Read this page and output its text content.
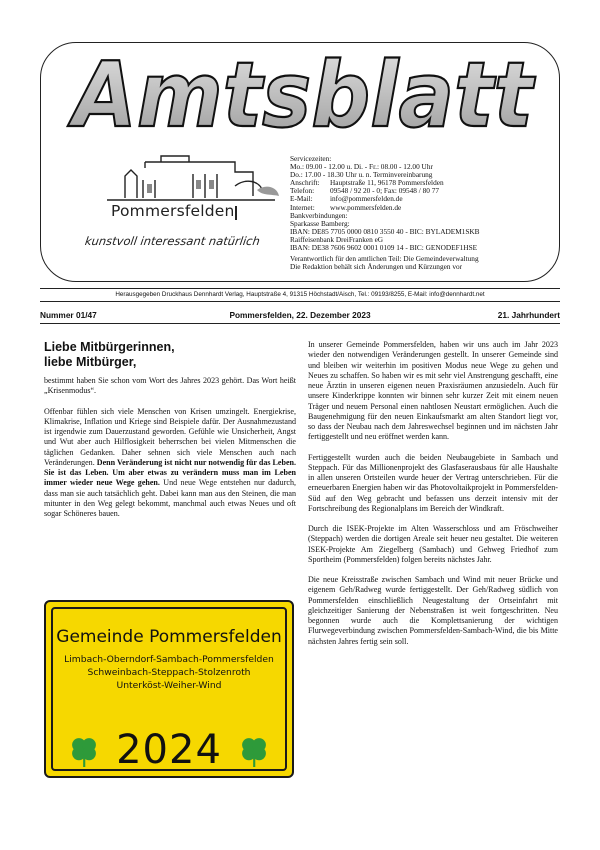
Amtsblatt
Pommersfelden
kunstvoll interessant natürlich
Servicezeiten:
Mo.: 09.00 - 12.00 u. Di. - Fr.: 08.00 - 12.00 Uhr
Do.: 17.00 - 18.30 Uhr u. n. Terminvereinbarung
Anschrift: Hauptstraße 11, 96178 Pommersfelden
Telefon: 09548 / 92 20 - 0; Fax: 09548 / 80 77
E-Mail: info@pommersfelden.de
Internet: www.pommersfelden.de
Bankverbindungen:
Sparkasse Bamberg:
IBAN: DE85 7705 0000 0810 3550 40 - BIC: BYLADEM1SKB
Raiffeisenbank DreiFranken eG
IBAN: DE38 7606 9602 0001 0109 14 - BIC: GENODEF1HSE
Verantwortlich für den amtlichen Teil: Die Gemeindeverwaltung
Die Redaktion behält sich Änderungen und Kürzungen vor
Herausgegeben Druckhaus Dennhardt Verlag, Hauptstraße 4, 91315 Höchstadt/Aisch, Tel.: 09193/8255, E-Mail: info@dennhardt.net
Nummer 01/47	Pommersfelden, 22. Dezember 2023	21. Jahrhundert
Liebe Mitbürgerinnen,
liebe Mitbürger,

bestimmt haben Sie schon vom Wort des Jahres 2023 gehört. Das Wort heißt „Krisenmodus“.

Offenbar fühlen sich viele Menschen von Krisen umzingelt. Energiekrise, Klimakrise, Inflation und Kriege sind Beispiele dafür. Der Ausnahmezustand ist irgendwie zum Dauerzustand geworden. Gefühle wie Unsicherheit, Angst und Wut aber auch Hilflosigkeit beherrschen bei vielen Mitmenschen die täglichen Gedanken. Daher sehnen sich viele Menschen auch nach Veränderungen. Denn Veränderung ist nicht nur notwendig für das Leben. Sie ist das Leben. Um aber etwas zu verändern muss man im Leben immer wieder neue Wege gehen. Und neue Wege entstehen nur dadurch, dass man sie auch tatsächlich geht. Dabei kann man aus den Steinen, die man mitunter in den Weg gelegt bekommt, manchmal auch etwas Neues und oft sogar Schöneres bauen.

Gemeinde Pommersfelden
Limbach-Oberndorf-Sambach-Pommersfelden
Schweinbach-Steppach-Stolzenroth
Unterköst-Weiher-Wind
2024

In unserer Gemeinde Pommersfelden, haben wir uns auch im Jahr 2023 wieder den notwendigen Veränderungen gestellt. In unserer Gemeinde sind und bleiben wir weiterhin im positiven Modus neue Wege zu gehen und Neues zu schaffen. So haben wir es mit sehr viel Anstrengung geschafft, eine neue Ärztin in unseren eigenen neuen Praxisräumen anzusiedeln. Auch für unsere Kinderkrippe konnten wir binnen sehr kurzer Zeit mit einem neuen Träger und neuem Personal einen nahtlosen Neustart ermöglichen. Auch die Baugenehmigung für den neuen Einkaufsmarkt am alten Standort liegt vor, so dass der Neubau nach dem Jahreswechsel beginnen und im nächsten Jahr fertiggestellt und neu eröffnet werden kann.

Fertiggestellt wurden auch die beiden Neubaugebiete in Sambach und Steppach. Für das Millionenprojekt des Glasfaserausbaus für alle Haushalte in allen unseren Ortsteilen wurde heuer der Vertrag unterschrieben. Für die erneuerbaren Energien haben wir das Photovoltaikprojekt in Pommersfelden-Süd auf den Weg gebracht und befassen uns derzeit intensiv mit der Fortschreibung des Regionalplans im Bereich der Windkraft.

Durch die ISEK-Projekte im Alten Wasserschloss und am Fröschweiher (Steppach) werden die dortigen Areale seit heuer neu gestaltet. Die weiteren ISEK-Projekte Am Ziegelberg (Sambach) und Gehweg Friedhof zum Sportheim (Pommersfelden) folgen bereits nächstes Jahr.

Die neue Kreisstraße zwischen Sambach und Wind mit neuer Brücke und eigenem Geh/Radweg wurde fertiggestellt. Der Geh/Radweg südlich von Pommersfelden einschließlich Neugestaltung der Ortseinfahrt mit gleichzeitiger Sanierung der Nebenstraßen ist weit fortgeschritten. Neu begonnen wurde auch die Komplettsanierung der wichtigen Flurwegeverbindung zwischen Pommersfelden-Sambach-Wind, die bis Mitte nächsten Jahres fertig sein soll.
